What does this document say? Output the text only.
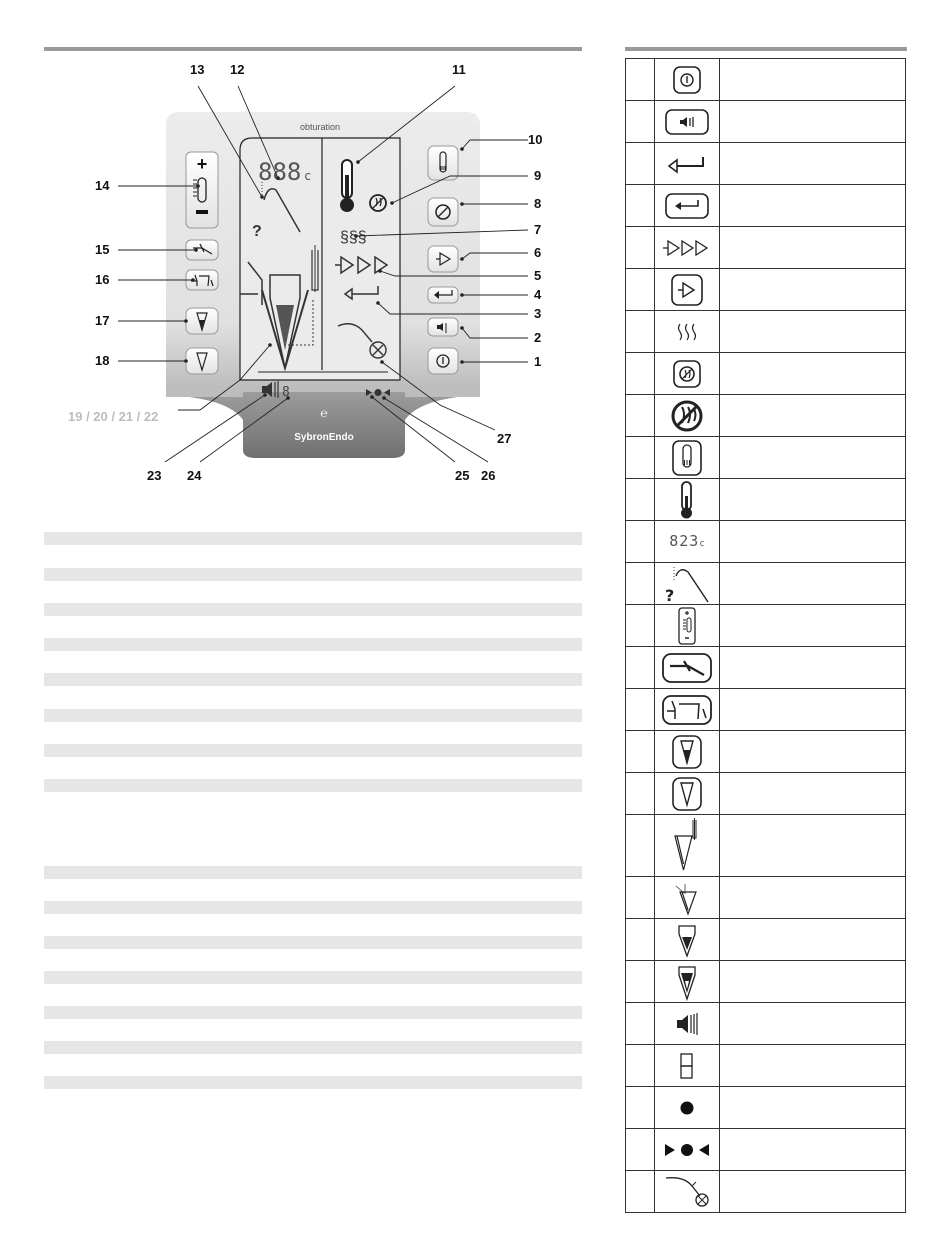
obturation
℮
SybronEndo
888 c
?	§§§
8
+
13 12	11
10
9
8
7
6
5
4
3
2
1
14
15
16
17
18
19 / 20 / 21 / 22
23 24	25 26
27

	823c	

?	
